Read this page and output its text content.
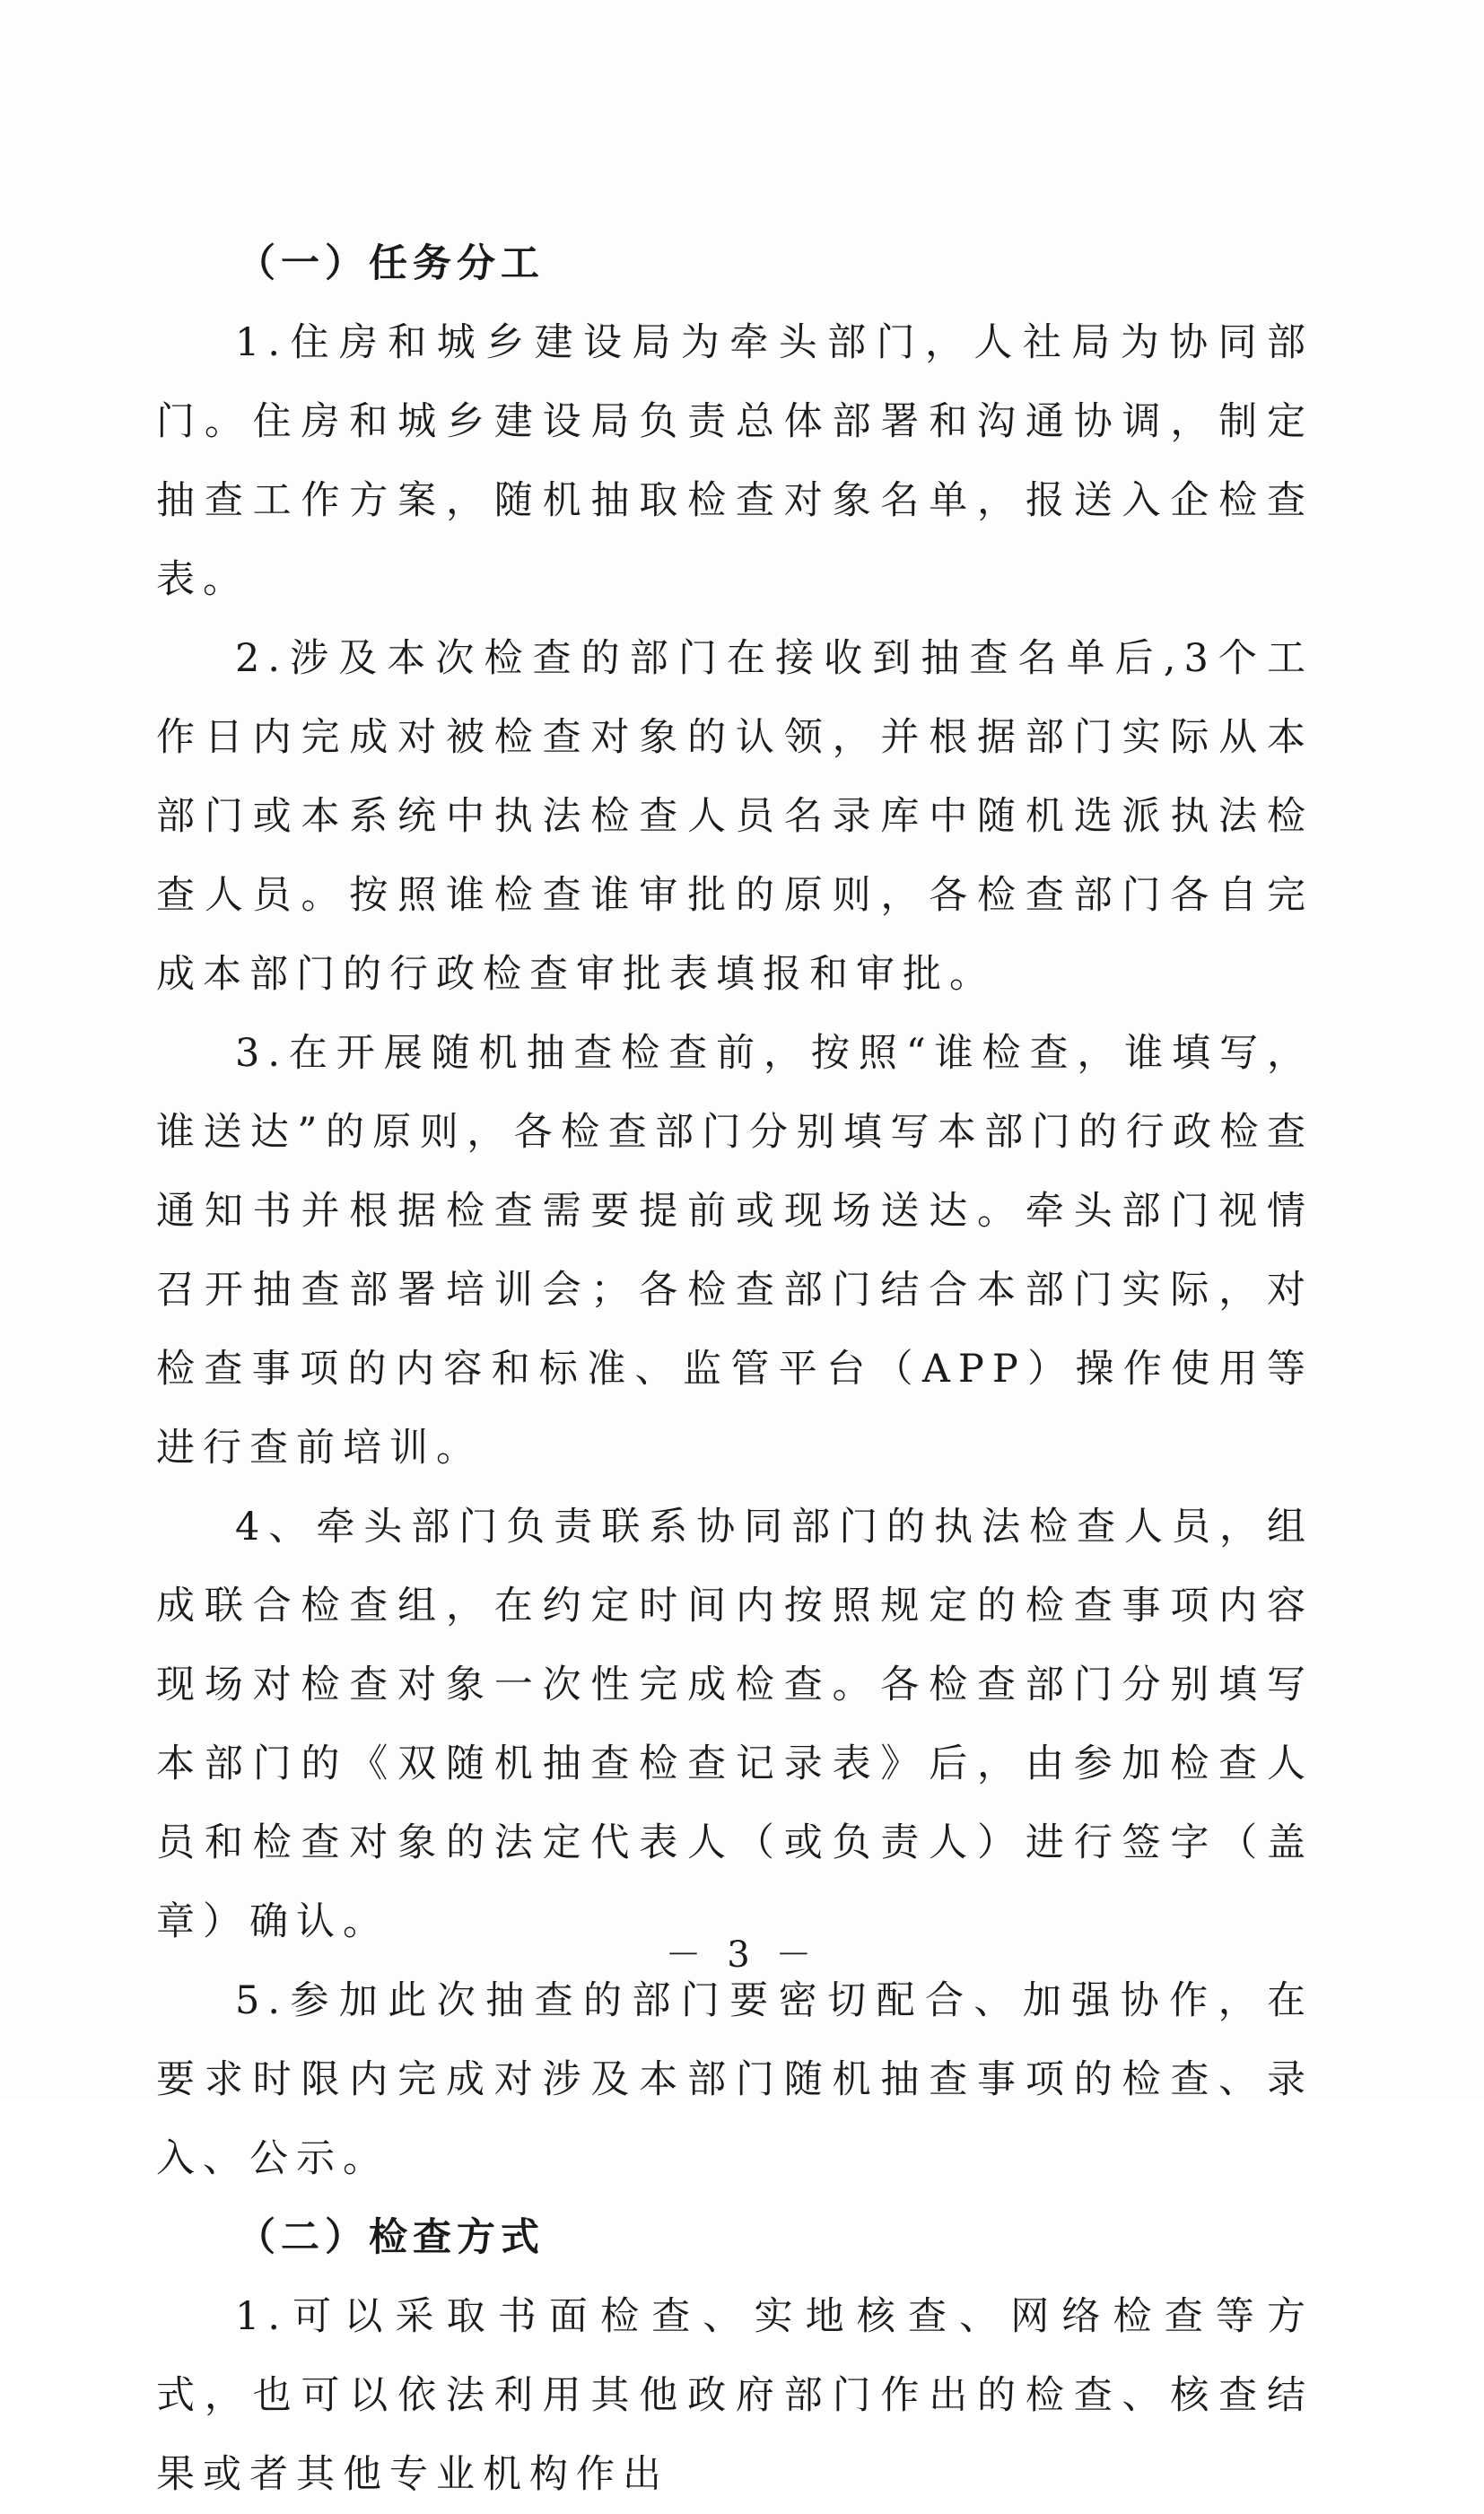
（一）任务分工

1.住房和城乡建设局为牵头部门，人社局为协同部门。住房和城乡建设局负责总体部署和沟通协调，制定抽查工作方案，随机抽取检查对象名单，报送入企检查表。

2.涉及本次检查的部门在接收到抽查名单后,3个工作日内完成对被检查对象的认领，并根据部门实际从本部门或本系统中执法检查人员名录库中随机选派执法检查人员。按照谁检查谁审批的原则，各检查部门各自完成本部门的行政检查审批表填报和审批。

3.在开展随机抽查检查前，按照“谁检查，谁填写，谁送达”的原则，各检查部门分别填写本部门的行政检查通知书并根据检查需要提前或现场送达。牵头部门视情召开抽查部署培训会；各检查部门结合本部门实际，对检查事项的内容和标准、监管平台（APP）操作使用等进行查前培训。

4、牵头部门负责联系协同部门的执法检查人员，组成联合检查组，在约定时间内按照规定的检查事项内容现场对检查对象一次性完成检查。各检查部门分别填写本部门的《双随机抽查检查记录表》后，由参加检查人员和检查对象的法定代表人（或负责人）进行签字（盖章）确认。

5.参加此次抽查的部门要密切配合、加强协作，在要求时限内完成对涉及本部门随机抽查事项的检查、录入、公示。

（二）检查方式

1.可以采取书面检查、实地核查、网络检查等方式，也可以依法利用其他政府部门作出的检查、核查结果或者其他专业机构作出

－ 3 －
